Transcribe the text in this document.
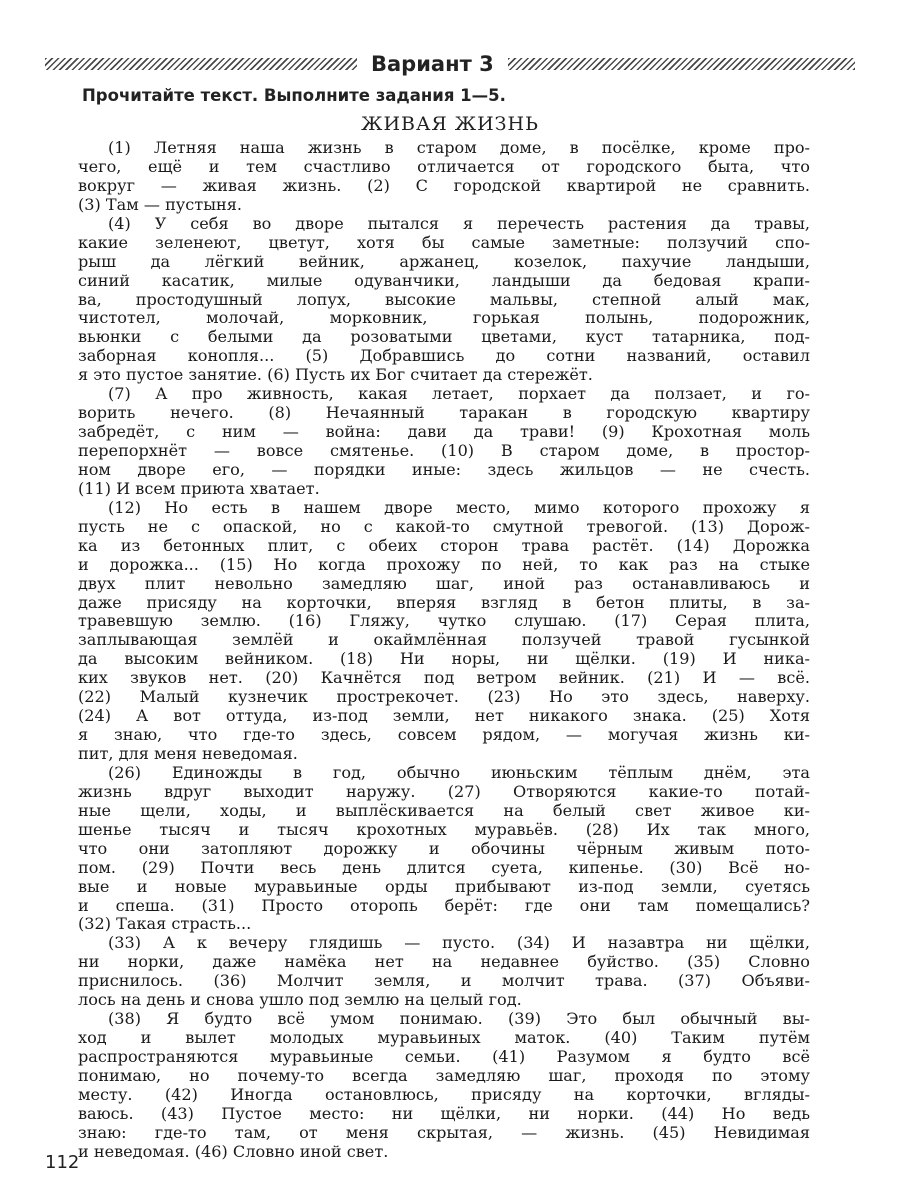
Вариант 3
Прочитайте текст. Выполните задания 1—5.
ЖИВАЯ ЖИЗНЬ
(1) Летняя наша жизнь в старом доме, в посёлке, кроме про-
чего, ещё и тем счастливо отличается от городского быта, что
вокруг — живая жизнь. (2) С городской квартирой не сравнить.
(3) Там — пустыня.
(4) У себя во дворе пытался я перечесть растения да травы,
какие зеленеют, цветут, хотя бы самые заметные: ползучий спо-
рыш да лёгкий вейник, аржанец, козелок, пахучие ландыши,
синий касатик, милые одуванчики, ландыши да бедовая крапи-
ва, простодушный лопух, высокие мальвы, степной алый мак,
чистотел, молочай, морковник, горькая полынь, подорожник,
вьюнки с белыми да розоватыми цветами, куст татарника, под-
заборная конопля... (5) Добравшись до сотни названий, оставил
я это пустое занятие. (6) Пусть их Бог считает да стережёт.
(7) А про живность, какая летает, порхает да ползает, и го-
ворить нечего. (8) Нечаянный таракан в городскую квартиру
забредёт, с ним — война: дави да трави! (9) Крохотная моль
перепорхнёт — вовсе смятенье. (10) В старом доме, в простор-
ном дворе его, — порядки иные: здесь жильцов — не счесть.
(11) И всем приюта хватает.
(12) Но есть в нашем дворе место, мимо которого прохожу я
пусть не с опаской, но с какой-то смутной тревогой. (13) Дорож-
ка из бетонных плит, с обеих сторон трава растёт. (14) Дорожка
и дорожка... (15) Но когда прохожу по ней, то как раз на стыке
двух плит невольно замедляю шаг, иной раз останавливаюсь и
даже присяду на корточки, вперяя взгляд в бетон плиты, в за-
травевшую землю. (16) Гляжу, чутко слушаю. (17) Серая плита,
заплывающая землёй и окаймлённая ползучей травой гусынкой
да высоким вейником. (18) Ни норы, ни щёлки. (19) И ника-
ких звуков нет. (20) Качнётся под ветром вейник. (21) И — всё.
(22) Малый кузнечик прострекочет. (23) Но это здесь, наверху.
(24) А вот оттуда, из-под земли, нет никакого знака. (25) Хотя
я знаю, что где-то здесь, совсем рядом, — могучая жизнь ки-
пит, для меня неведомая.
(26) Единожды в год, обычно июньским тёплым днём, эта
жизнь вдруг выходит наружу. (27) Отворяются какие-то потай-
ные щели, ходы, и выплёскивается на белый свет живое ки-
шенье тысяч и тысяч крохотных муравьёв. (28) Их так много,
что они затопляют дорожку и обочины чёрным живым пото-
пом. (29) Почти весь день длится суета, кипенье. (30) Всё но-
вые и новые муравьиные орды прибывают из-под земли, суетясь
и спеша. (31) Просто оторопь берёт: где они там помещались?
(32) Такая страсть...
(33) А к вечеру глядишь — пусто. (34) И назавтра ни щёлки,
ни норки, даже намёка нет на недавнее буйство. (35) Словно
приснилось. (36) Молчит земля, и молчит трава. (37) Объяви-
лось на день и снова ушло под землю на целый год.
(38) Я будто всё умом понимаю. (39) Это был обычный вы-
ход и вылет молодых муравьиных маток. (40) Таким путём
распространяются муравьиные семьи. (41) Разумом я будто всё
понимаю, но почему-то всегда замедляю шаг, проходя по этому
месту. (42) Иногда остановлюсь, присяду на корточки, вгляды-
ваюсь. (43) Пустое место: ни щёлки, ни норки. (44) Но ведь
знаю: где-то там, от меня скрытая, — жизнь. (45) Невидимая
и неведомая. (46) Словно иной свет.
112
